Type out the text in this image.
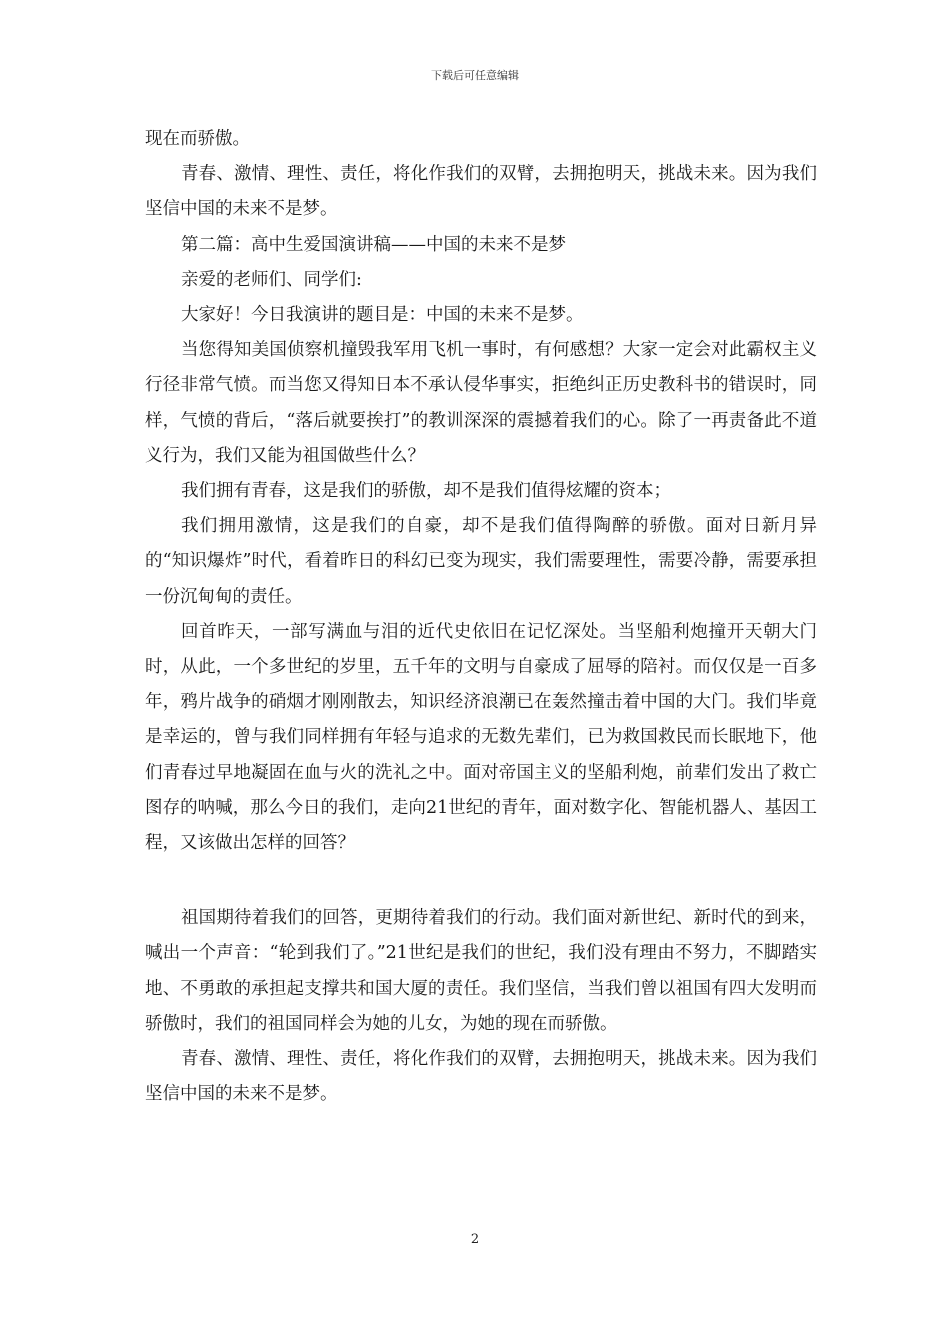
下载后可任意编辑

现在而骄傲。

青春、激情、理性、责任，将化作我们的双臂，去拥抱明天，挑战未来。因为我们坚信中国的未来不是梦。

第二篇：高中生爱国演讲稿——中国的未来不是梦

亲爱的老师们、同学们:

大家好！今日我演讲的题目是：中国的未来不是梦。

当您得知美国侦察机撞毁我军用飞机一事时，有何感想？大家一定会对此霸权主义行径非常气愤。而当您又得知日本不承认侵华事实，拒绝纠正历史教科书的错误时，同样，气愤的背后，“落后就要挨打”的教训深深的震撼着我们的心。除了一再责备此不道义行为，我们又能为祖国做些什么？

我们拥有青春，这是我们的骄傲，却不是我们值得炫耀的资本；

我们拥用激情，这是我们的自豪，却不是我们值得陶醉的骄傲。面对日新月异的“知识爆炸”时代，看着昨日的科幻已变为现实，我们需要理性，需要冷静，需要承担一份沉甸甸的责任。

回首昨天，一部写满血与泪的近代史依旧在记忆深处。当坚船利炮撞开天朝大门时，从此，一个多世纪的岁里，五千年的文明与自豪成了屈辱的陪衬。而仅仅是一百多年，鸦片战争的硝烟才刚刚散去，知识经济浪潮已在轰然撞击着中国的大门。我们毕竟是幸运的，曾与我们同样拥有年轻与追求的无数先辈们，已为救国救民而长眠地下，他们青春过早地凝固在血与火的洗礼之中。面对帝国主义的坚船利炮，前辈们发出了救亡图存的呐喊，那么今日的我们，走向21世纪的青年，面对数字化、智能机器人、基因工程，又该做出怎样的回答？

祖国期待着我们的回答，更期待着我们的行动。我们面对新世纪、新时代的到来，喊出一个声音：“轮到我们了。”21世纪是我们的世纪，我们没有理由不努力，不脚踏实地、不勇敢的承担起支撑共和国大厦的责任。我们坚信，当我们曾以祖国有四大发明而骄傲时，我们的祖国同样会为她的儿女，为她的现在而骄傲。

青春、激情、理性、责任，将化作我们的双臂，去拥抱明天，挑战未来。因为我们坚信中国的未来不是梦。

2
